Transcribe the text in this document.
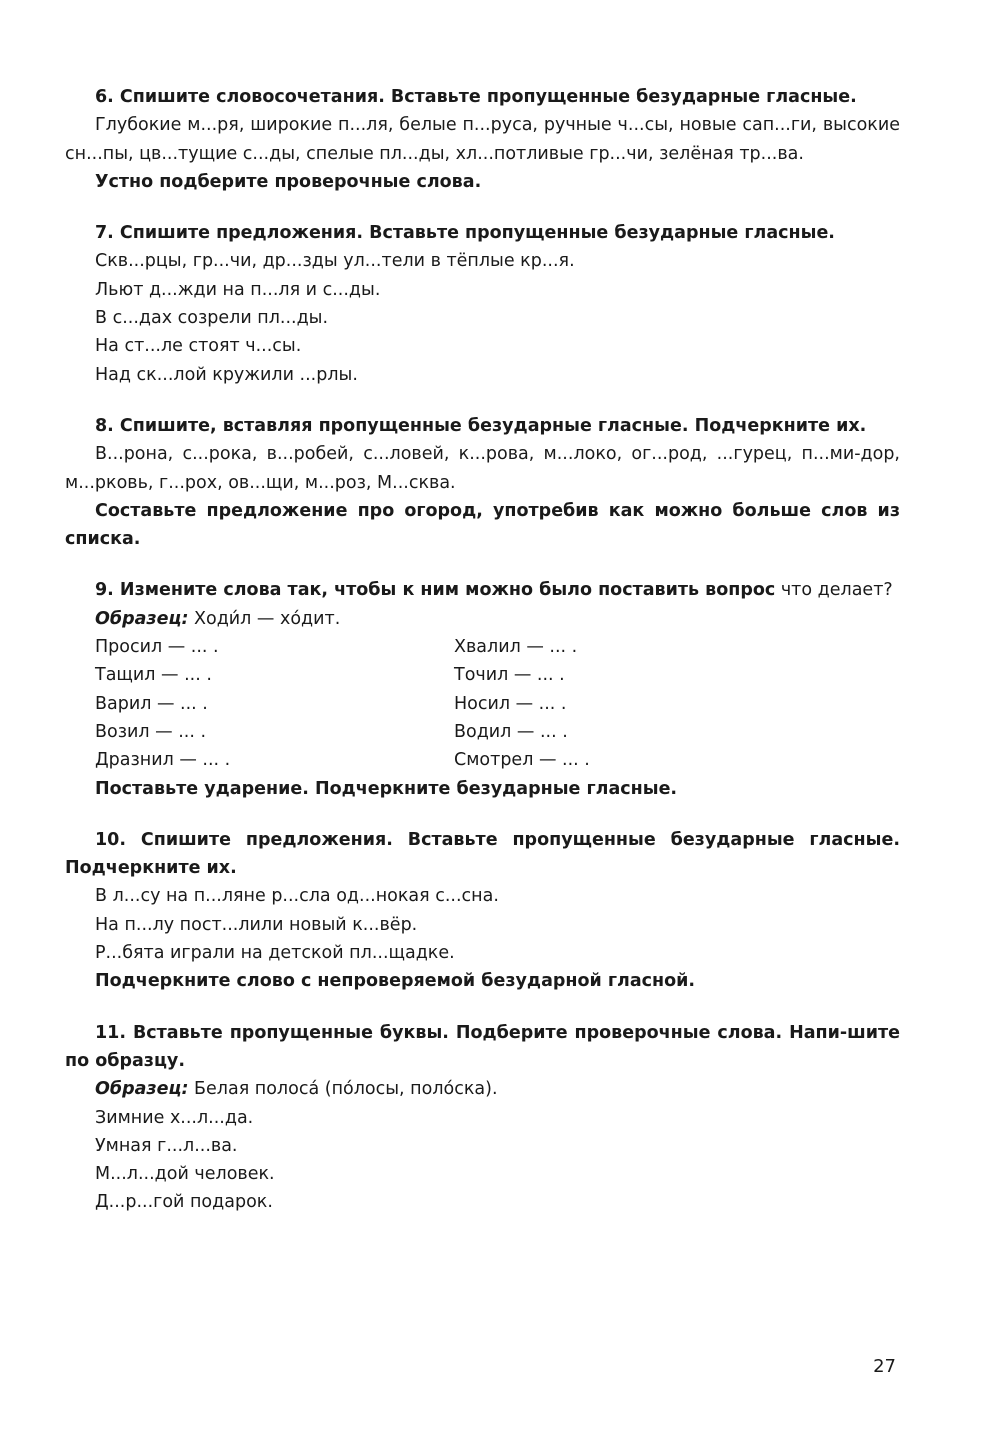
6. Спишите словосочетания. Вставьте пропущенные безударные гласные.

Глубокие м...ря, широкие п...ля, белые п...руса, ручные ч...сы, новые сап...ги, высокие сн...пы, цв...тущие с...ды, спелые пл...ды, хл...потливые гр...чи, зелёная тр...ва.

Устно подберите проверочные слова.

7. Спишите предложения. Вставьте пропущенные безударные гласные.

Скв...рцы, гр...чи, др...зды ул...тели в тёплые кр...я.

Льют д...жди на п...ля и с...ды.

В с...дах созрели пл...ды.

На ст...ле стоят ч...сы.

Над ск...лой кружили ...рлы.

8. Спишите, вставляя пропущенные безударные гласные. Подчеркните их.

В...рона, с...рока, в...робей, с...ловей, к...рова, м...локо, ог...род, ...гурец, п...ми-дор, м...рковь, г...рох, ов...щи, м...роз, М...сква.

Составьте предложение про огород, употребив как можно больше слов из списка.

9. Измените слова так, чтобы к ним можно было поставить вопрос что делает?

Образец: Ходи́л — хо́дит.

Просил — ... .	Хвалил — ... .
Тащил — ... .	Точил — ... .
Варил — ... .	Носил — ... .
Возил — ... .	Водил — ... .
Дразнил — ... .	Смотрел — ... .

Поставьте ударение. Подчеркните безударные гласные.

10. Спишите предложения. Вставьте пропущенные безударные гласные. Подчеркните их.

В л...су на п...ляне р...сла од...нокая с...сна.

На п...лу пост...лили новый к...вёр.

Р...бята играли на детской пл...щадке.

Подчеркните слово с непроверяемой безударной гласной.

11. Вставьте пропущенные буквы. Подберите проверочные слова. Напи-шите по образцу.

Образец: Белая полоса́ (по́лосы, поло́ска).

Зимние х...л...да.

Умная г...л...ва.

М...л...дой человек.

Д...р...гой подарок.

27
